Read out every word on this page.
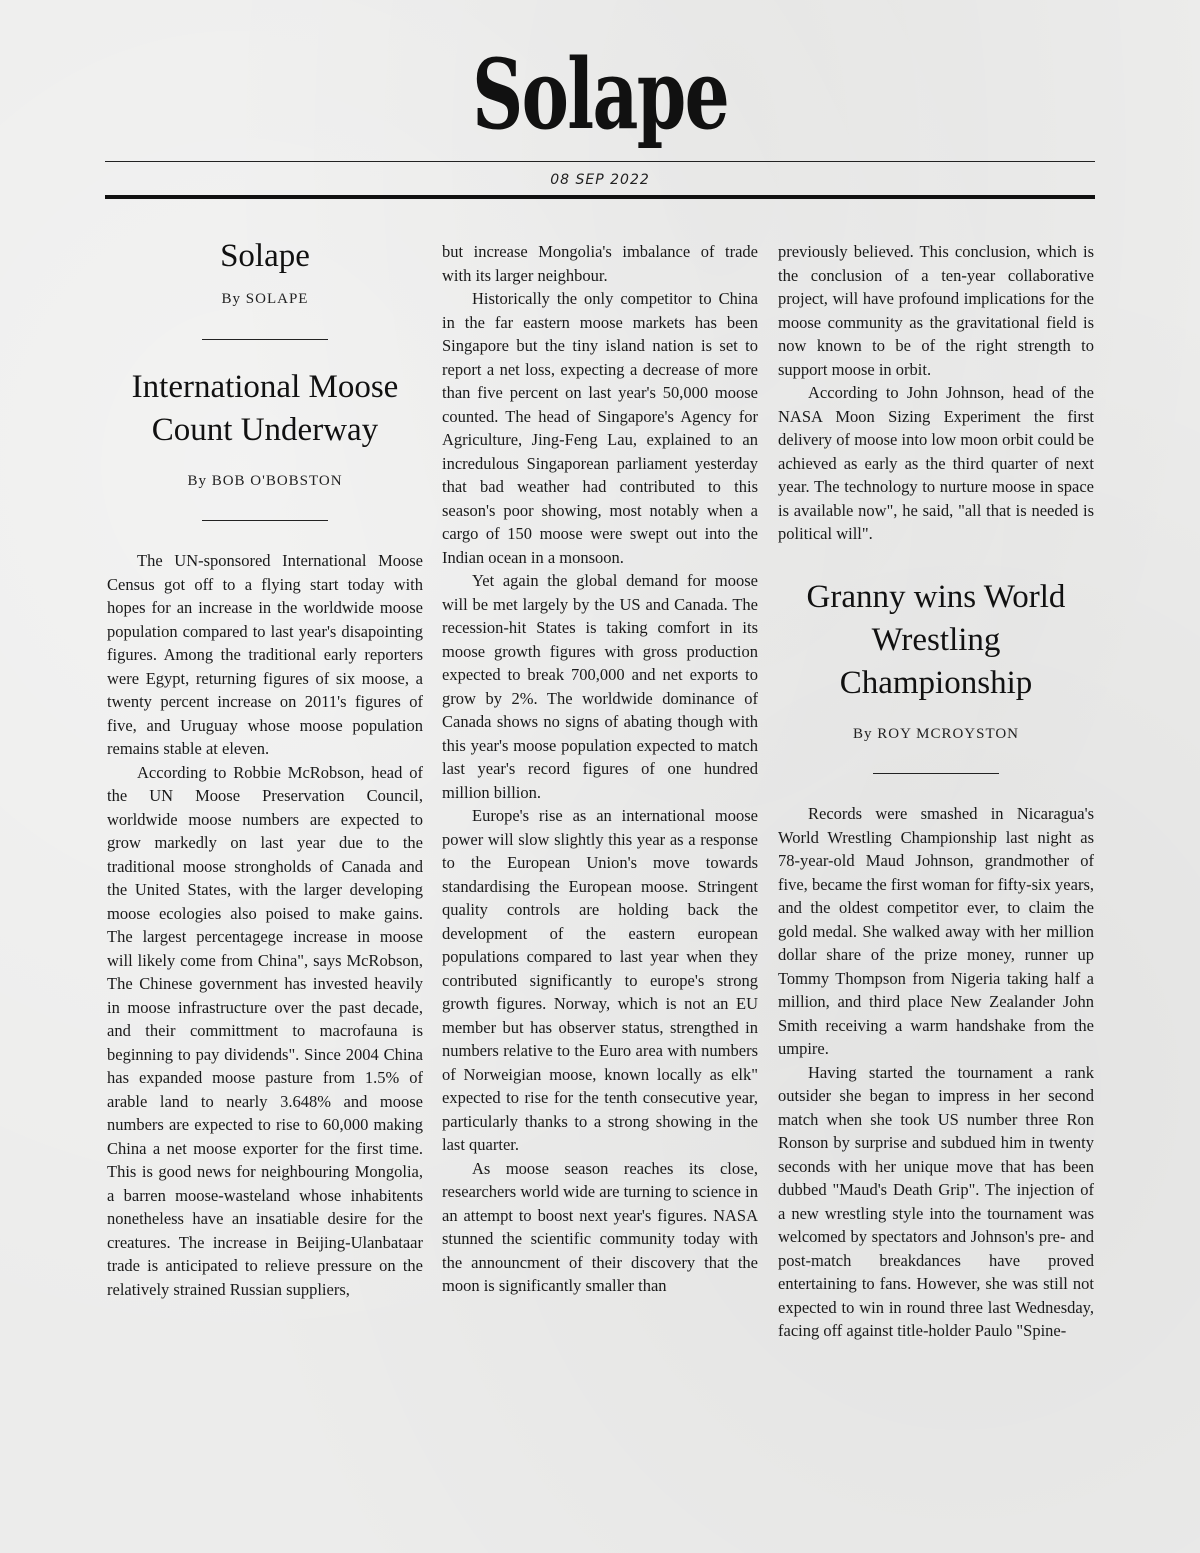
Solape
08 SEP 2022
Solape

By SOLAPE

International Moose Count Underway

By BOB O'BOBSTON

The UN-sponsored International Moose Census got off to a flying start today with hopes for an increase in the worldwide moose population compared to last year's disapointing figures. Among the traditional early reporters were Egypt, returning figures of six moose, a twenty percent increase on 2011's figures of five, and Uruguay whose moose population remains stable at eleven.

According to Robbie McRobson, head of the UN Moose Preservation Council, worldwide moose numbers are expected to grow markedly on last year due to the traditional moose strongholds of Canada and the United States, with the larger developing moose ecologies also poised to make gains. The largest percentagege increase in moose will likely come from China", says McRobson, The Chinese government has invested heavily in moose infrastructure over the past decade, and their committment to macrofauna is beginning to pay dividends". Since 2004 China has expanded moose pasture from 1.5% of arable land to nearly 3.648% and moose numbers are expected to rise to 60,000 making China a net moose exporter for the first time. This is good news for neighbouring Mongolia, a barren moose-wasteland whose inhabitents nonetheless have an insatiable desire for the creatures. The increase in Beijing-Ulanbataar trade is anticipated to relieve pressure on the relatively strained Russian suppliers,

but increase Mongolia's imbalance of trade with its larger neighbour.

Historically the only competitor to China in the far eastern moose markets has been Singapore but the tiny island nation is set to report a net loss, expecting a decrease of more than five percent on last year's 50,000 moose counted. The head of Singapore's Agency for Agriculture, Jing-Feng Lau, explained to an incredulous Singaporean parliament yesterday that bad weather had contributed to this season's poor showing, most notably when a cargo of 150 moose were swept out into the Indian ocean in a monsoon.

Yet again the global demand for moose will be met largely by the US and Canada. The recession-hit States is taking comfort in its moose growth figures with gross production expected to break 700,000 and net exports to grow by 2%. The worldwide dominance of Canada shows no signs of abating though with this year's moose population expected to match last year's record figures of one hundred million billion.

Europe's rise as an international moose power will slow slightly this year as a response to the European Union's move towards standardising the European moose. Stringent quality controls are holding back the development of the eastern european populations compared to last year when they contributed significantly to europe's strong growth figures. Norway, which is not an EU member but has observer status, strengthed in numbers relative to the Euro area with numbers of Norweigian moose, known locally as elk" expected to rise for the tenth consecutive year, particularly thanks to a strong showing in the last quarter.

As moose season reaches its close, researchers world wide are turning to science in an attempt to boost next year's figures. NASA stunned the scientific community today with the announcment of their discovery that the moon is significantly smaller than

previously believed. This conclusion, which is the conclusion of a ten-year collaborative project, will have profound implications for the moose community as the gravitational field is now known to be of the right strength to support moose in orbit.

According to John Johnson, head of the NASA Moon Sizing Experiment the first delivery of moose into low moon orbit could be achieved as early as the third quarter of next year. The technology to nurture moose in space is available now", he said, "all that is needed is political will".

Granny wins World Wrestling Championship

By ROY MCROYSTON

Records were smashed in Nicaragua's World Wrestling Championship last night as 78-year-old Maud Johnson, grandmother of five, became the first woman for fifty-six years, and the oldest competitor ever, to claim the gold medal. She walked away with her million dollar share of the prize money, runner up Tommy Thompson from Nigeria taking half a million, and third place New Zealander John Smith receiving a warm handshake from the umpire.

Having started the tournament a rank outsider she began to impress in her second match when she took US number three Ron Ronson by surprise and subdued him in twenty seconds with her unique move that has been dubbed "Maud's Death Grip". The injection of a new wrestling style into the tournament was welcomed by spectators and Johnson's pre- and post-match breakdances have proved entertaining to fans. However, she was still not expected to win in round three last Wednesday, facing off against title-holder Paulo "Spine-
